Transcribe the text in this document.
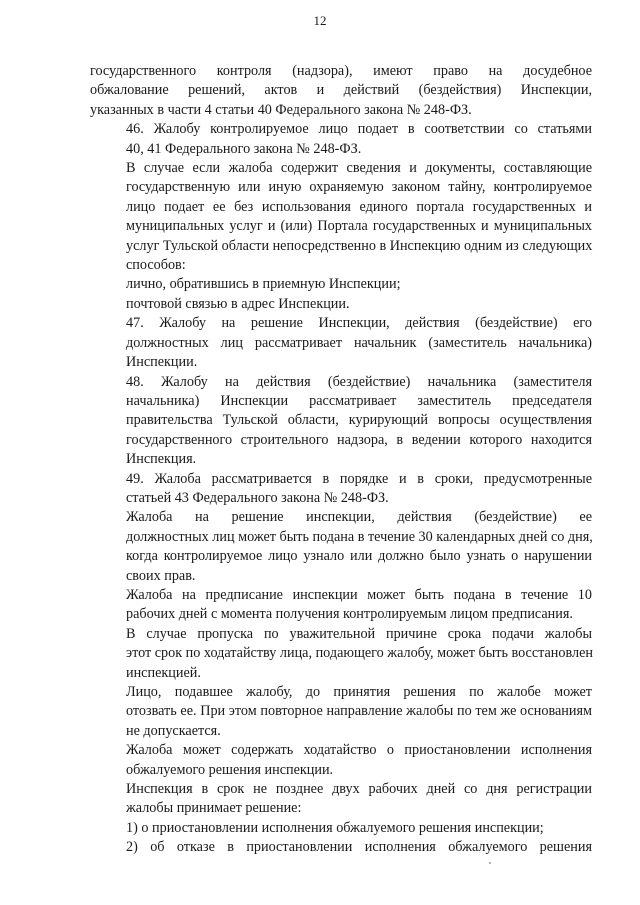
12

государственного контроля (надзора), имеют право на досудебное
обжалование решений, актов и действий (бездействия) Инспекции,
указанных в части 4 статьи 40 Федерального закона № 248-ФЗ.

46. Жалобу контролируемое лицо подает в соответствии со статьями
40, 41 Федерального закона № 248-ФЗ.

В случае если жалоба содержит сведения и документы, составляющие
государственную или иную охраняемую законом тайну, контролируемое
лицо подает ее без использования единого портала государственных и
муниципальных услуг и (или) Портала государственных и муниципальных
услуг Тульской области непосредственно в Инспекцию одним из следующих
способов:

лично, обратившись в приемную Инспекции;

почтовой связью в адрес Инспекции.

47. Жалобу на решение Инспекции, действия (бездействие) его
должностных лиц рассматривает начальник (заместитель начальника)
Инспекции.

48. Жалобу на действия (бездействие) начальника (заместителя
начальника) Инспекции рассматривает заместитель председателя
правительства Тульской области, курирующий вопросы осуществления
государственного строительного надзора, в ведении которого находится
Инспекция.

49. Жалоба рассматривается в порядке и в сроки, предусмотренные
статьей 43 Федерального закона № 248-ФЗ.

Жалоба на решение инспекции, действия (бездействие) ее
должностных лиц может быть подана в течение 30 календарных дней со дня,
когда контролируемое лицо узнало или должно было узнать о нарушении
своих прав.

Жалоба на предписание инспекции может быть подана в течение 10
рабочих дней с момента получения контролируемым лицом предписания.

В случае пропуска по уважительной причине срока подачи жалобы
этот срок по ходатайству лица, подающего жалобу, может быть восстановлен
инспекцией.

Лицо, подавшее жалобу, до принятия решения по жалобе может
отозвать ее. При этом повторное направление жалобы по тем же основаниям
не допускается.

Жалоба может содержать ходатайство о приостановлении исполнения
обжалуемого решения инспекции.

Инспекция в срок не позднее двух рабочих дней со дня регистрации
жалобы принимает решение:

1) о приостановлении исполнения обжалуемого решения инспекции;

2) об отказе в приостановлении исполнения обжалуемого решения
